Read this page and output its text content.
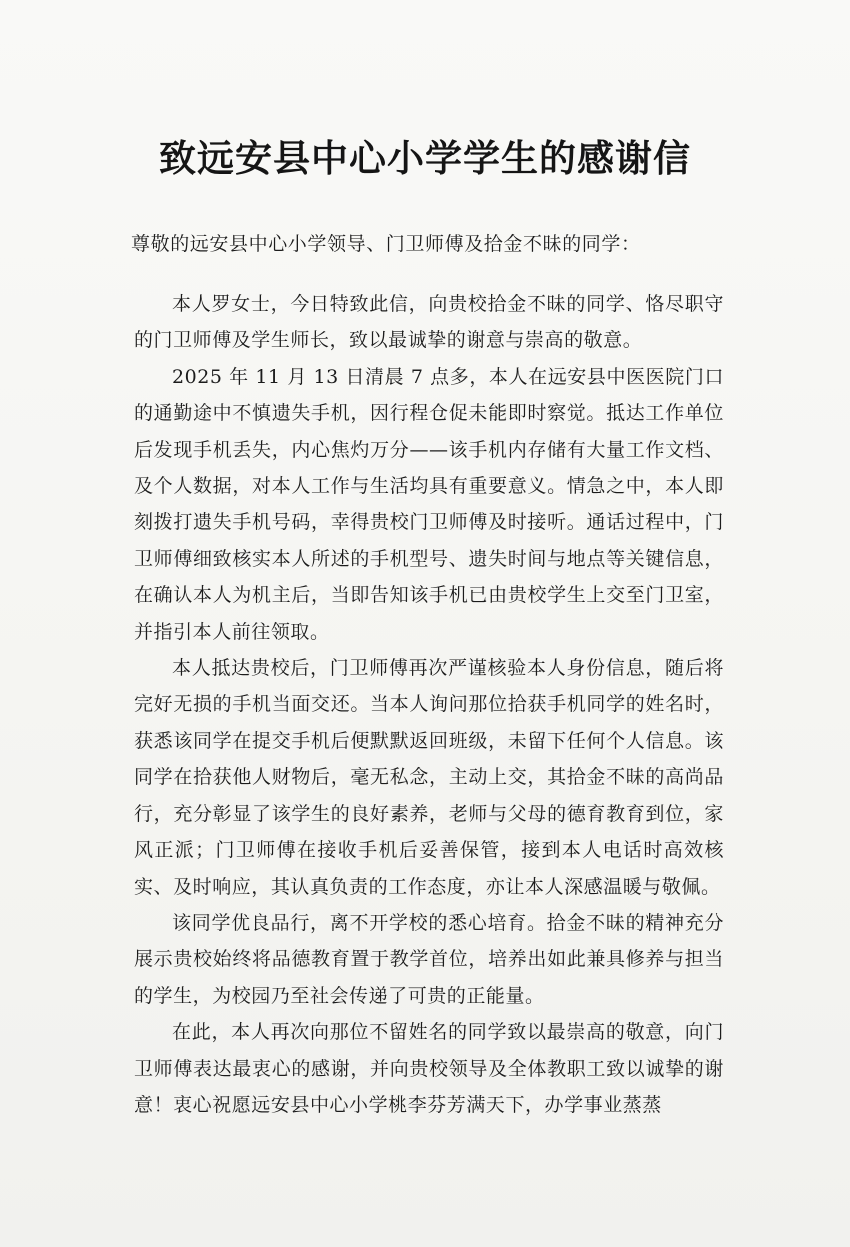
致远安县中心小学学生的感谢信
尊敬的远安县中心小学领导、门卫师傅及拾金不昧的同学：

本人罗女士，今日特致此信，向贵校拾金不昧的同学、恪尽职守的门卫师傅及学生师长，致以最诚挚的谢意与崇高的敬意。

2025 年 11 月 13 日清晨 7 点多，本人在远安县中医医院门口的通勤途中不慎遗失手机，因行程仓促未能即时察觉。抵达工作单位后发现手机丢失，内心焦灼万分——该手机内存储有大量工作文档、及个人数据，对本人工作与生活均具有重要意义。情急之中，本人即刻拨打遗失手机号码，幸得贵校门卫师傅及时接听。通话过程中，门卫师傅细致核实本人所述的手机型号、遗失时间与地点等关键信息，在确认本人为机主后，当即告知该手机已由贵校学生上交至门卫室，并指引本人前往领取。

本人抵达贵校后，门卫师傅再次严谨核验本人身份信息，随后将完好无损的手机当面交还。当本人询问那位拾获手机同学的姓名时，获悉该同学在提交手机后便默默返回班级，未留下任何个人信息。该同学在拾获他人财物后，毫无私念，主动上交，其拾金不昧的高尚品行，充分彰显了该学生的良好素养，老师与父母的德育教育到位，家风正派；门卫师傅在接收手机后妥善保管，接到本人电话时高效核实、及时响应，其认真负责的工作态度，亦让本人深感温暖与敬佩。

该同学优良品行，离不开学校的悉心培育。拾金不昧的精神充分展示贵校始终将品德教育置于教学首位，培养出如此兼具修养与担当的学生，为校园乃至社会传递了可贵的正能量。

在此，本人再次向那位不留姓名的同学致以最崇高的敬意，向门卫师傅表达最衷心的感谢，并向贵校领导及全体教职工致以诚挚的谢意！衷心祝愿远安县中心小学桃李芬芳满天下，办学事业蒸蒸
